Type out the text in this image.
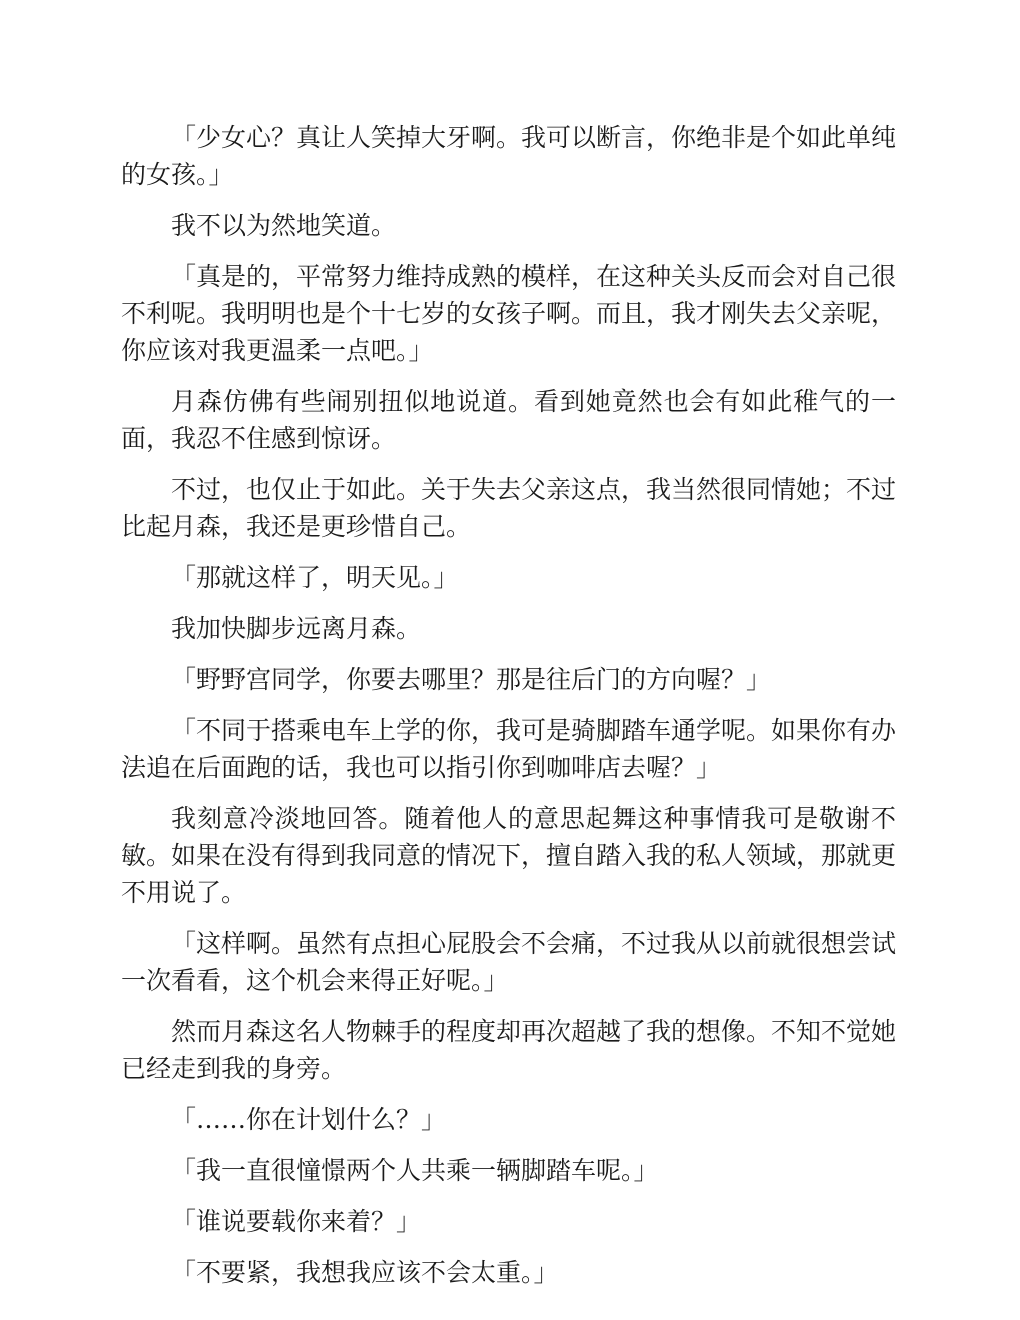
「少女心？真让人笑掉大牙啊。我可以断言，你绝非是个如此单纯的女孩。」

我不以为然地笑道。

「真是的，平常努力维持成熟的模样，在这种关头反而会对自己很不利呢。我明明也是个十七岁的女孩子啊。而且，我才刚失去父亲呢，你应该对我更温柔一点吧。」

月森仿佛有些闹别扭似地说道。看到她竟然也会有如此稚气的一面，我忍不住感到惊讶。

不过，也仅止于如此。关于失去父亲这点，我当然很同情她；不过比起月森，我还是更珍惜自己。

「那就这样了，明天见。」

我加快脚步远离月森。

「野野宫同学，你要去哪里？那是往后门的方向喔？」

「不同于搭乘电车上学的你，我可是骑脚踏车通学呢。如果你有办法追在后面跑的话，我也可以指引你到咖啡店去喔？」

我刻意冷淡地回答。随着他人的意思起舞这种事情我可是敬谢不敏。如果在没有得到我同意的情况下，擅自踏入我的私人领域，那就更不用说了。

「这样啊。虽然有点担心屁股会不会痛，不过我从以前就很想尝试一次看看，这个机会来得正好呢。」

然而月森这名人物棘手的程度却再次超越了我的想像。不知不觉她已经走到我的身旁。

「……你在计划什么？」

「我一直很憧憬两个人共乘一辆脚踏车呢。」

「谁说要载你来着？」

「不要紧，我想我应该不会太重。」
